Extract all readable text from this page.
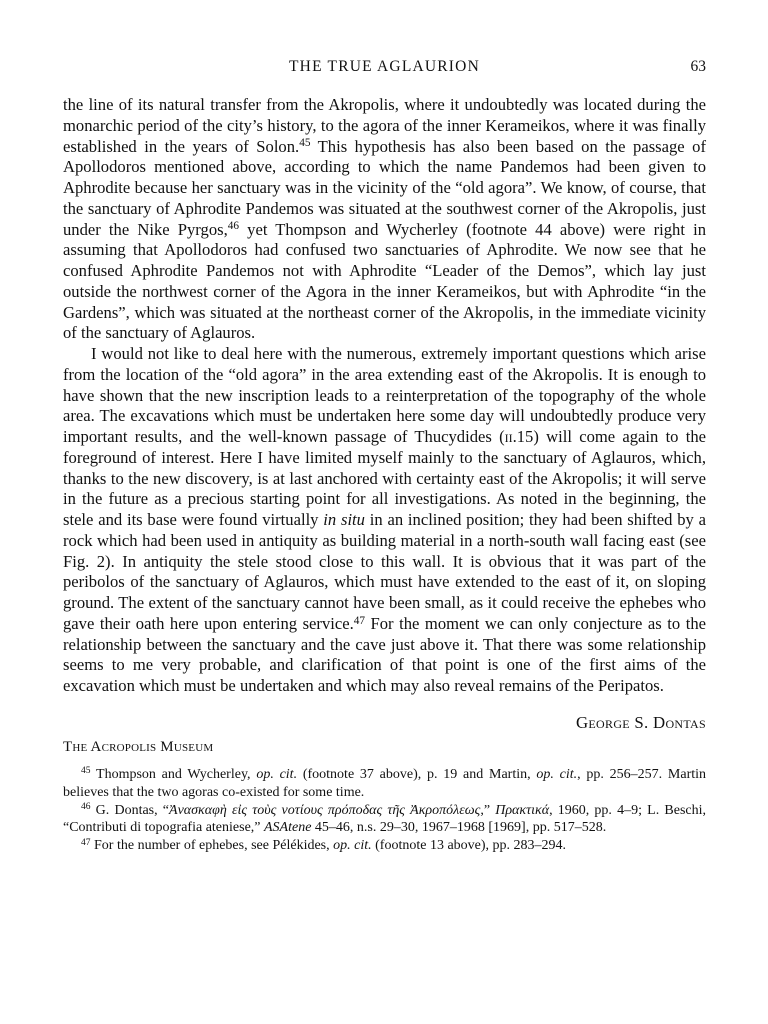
THE TRUE AGLAURION	63

the line of its natural transfer from the Akropolis, where it undoubtedly was located during the monarchic period of the city’s history, to the agora of the inner Kerameikos, where it was finally established in the years of Solon.$^{45}$ This hypothesis has also been based on the passage of Apollodoros mentioned above, according to which the name Pandemos had been given to Aphrodite because her sanctuary was in the vicinity of the “old agora”. We know, of course, that the sanctuary of Aphrodite Pandemos was situated at the southwest corner of the Akropolis, just under the Nike Pyrgos,$^{46}$ yet Thompson and Wycherley (footnote 44 above) were right in assuming that Apollodoros had confused two sanctuaries of Aphrodite. We now see that he confused Aphrodite Pandemos not with Aphrodite “Leader of the Demos”, which lay just outside the northwest corner of the Agora in the inner Kerameikos, but with Aphrodite “in the Gardens”, which was situated at the northeast corner of the Akropolis, in the immediate vicinity of the sanctuary of Aglauros.

I would not like to deal here with the numerous, extremely important questions which arise from the location of the “old agora” in the area extending east of the Akropolis. It is enough to have shown that the new inscription leads to a reinterpretation of the topography of the whole area. The excavations which must be undertaken here some day will undoubtedly produce very important results, and the well-known passage of Thucydides (ii.15) will come again to the foreground of interest. Here I have limited myself mainly to the sanctuary of Aglauros, which, thanks to the new discovery, is at last anchored with certainty east of the Akropolis; it will serve in the future as a precious starting point for all investigations. As noted in the beginning, the stele and its base were found virtually in situ in an inclined position; they had been shifted by a rock which had been used in antiquity as building material in a north-south wall facing east (see Fig. 2). In antiquity the stele stood close to this wall. It is obvious that it was part of the peribolos of the sanctuary of Aglauros, which must have extended to the east of it, on sloping ground. The extent of the sanctuary cannot have been small, as it could receive the ephebes who gave their oath here upon entering service.$^{47}$ For the moment we can only conjecture as to the relationship between the sanctuary and the cave just above it. That there was some relationship seems to me very probable, and clarification of that point is one of the first aims of the excavation which must be undertaken and which may also reveal remains of the Peripatos.

George S. Dontas
The Acropolis Museum

$^{45}$ Thompson and Wycherley, op. cit. (footnote 37 above), p. 19 and Martin, op. cit., pp. 256–257. Martin believes that the two agoras co-existed for some time.

$^{46}$ G. Dontas, “Ἀνασκαφὴ εἰς τοὺς νοτίους πρόποδας τῆς Ἀκροπόλεως,” Πρακτικά, 1960, pp. 4–9; L. Beschi, “Contributi di topografia ateniese,” ASAtene 45–46, n.s. 29–30, 1967–1968 [1969], pp. 517–528.

$^{47}$ For the number of ephebes, see Pélékides, op. cit. (footnote 13 above), pp. 283–294.
